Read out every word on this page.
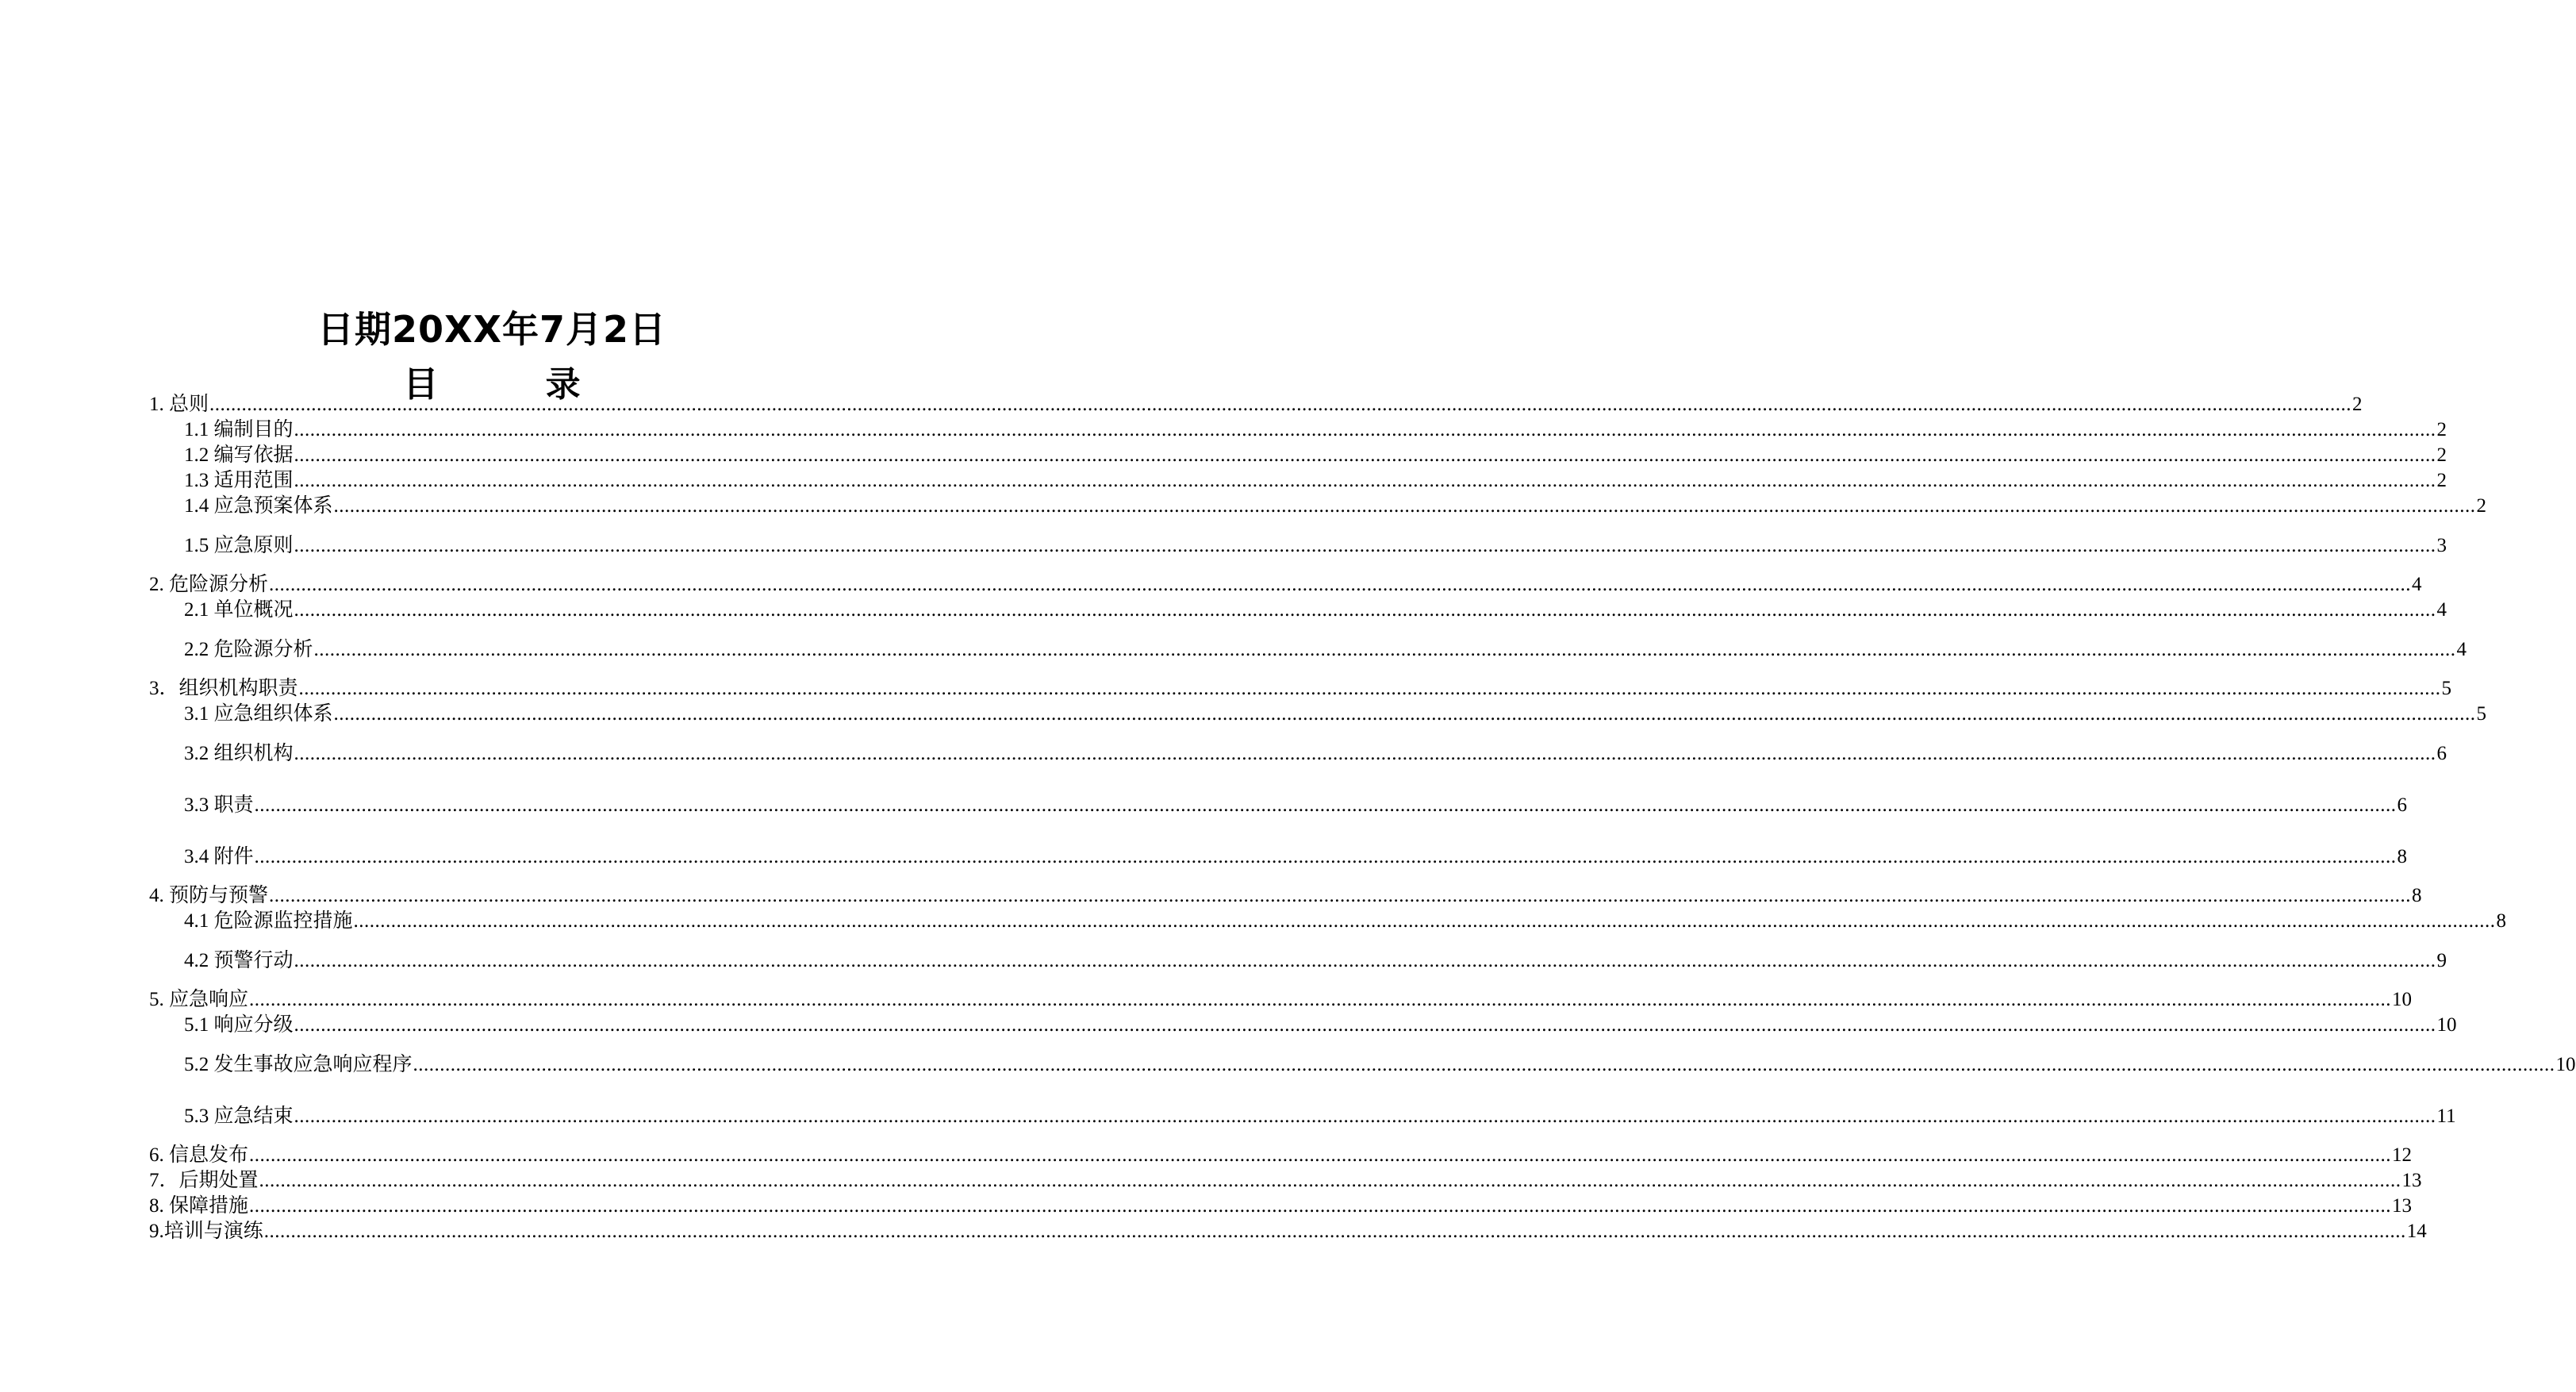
日期20XX年7月2日
目 录
1. 总则 ................................................................................................................................................................................................................................................................................................................................................................................................................ 2
1.1 编制目的 ................................................................................................................................................................................................................................................................................................................................................................................................................ 2
1.2 编写依据 ................................................................................................................................................................................................................................................................................................................................................................................................................ 2
1.3 适用范围 ................................................................................................................................................................................................................................................................................................................................................................................................................ 2
1.4 应急预案体系 ................................................................................................................................................................................................................................................................................................................................................................................................................ 2
1.5 应急原则 ................................................................................................................................................................................................................................................................................................................................................................................................................ 3
2. 危险源分析 ................................................................................................................................................................................................................................................................................................................................................................................................................ 4
2.1 单位概况 ................................................................................................................................................................................................................................................................................................................................................................................................................ 4
2.2 危险源分析 ................................................................................................................................................................................................................................................................................................................................................................................................................ 4
3．组织机构职责 ................................................................................................................................................................................................................................................................................................................................................................................................................ 5
3.1 应急组织体系 ................................................................................................................................................................................................................................................................................................................................................................................................................ 5
3.2 组织机构 ................................................................................................................................................................................................................................................................................................................................................................................................................ 6
3.3 职责 ................................................................................................................................................................................................................................................................................................................................................................................................................ 6
3.4 附件 ................................................................................................................................................................................................................................................................................................................................................................................................................ 8
4. 预防与预警 ................................................................................................................................................................................................................................................................................................................................................................................................................ 8
4.1 危险源监控措施 ................................................................................................................................................................................................................................................................................................................................................................................................................ 8
4.2 预警行动 ................................................................................................................................................................................................................................................................................................................................................................................................................ 9
5. 应急响应 ................................................................................................................................................................................................................................................................................................................................................................................................................ 10
5.1 响应分级 ................................................................................................................................................................................................................................................................................................................................................................................................................ 10
5.2 发生事故应急响应程序 ................................................................................................................................................................................................................................................................................................................................................................................................................ 10
5.3 应急结束 ................................................................................................................................................................................................................................................................................................................................................................................................................ 11
6. 信息发布 ................................................................................................................................................................................................................................................................................................................................................................................................................ 12
7．后期处置 ................................................................................................................................................................................................................................................................................................................................................................................................................ 13
8. 保障措施 ................................................................................................................................................................................................................................................................................................................................................................................................................ 13
9.培训与演练 ................................................................................................................................................................................................................................................................................................................................................................................................................ 14
